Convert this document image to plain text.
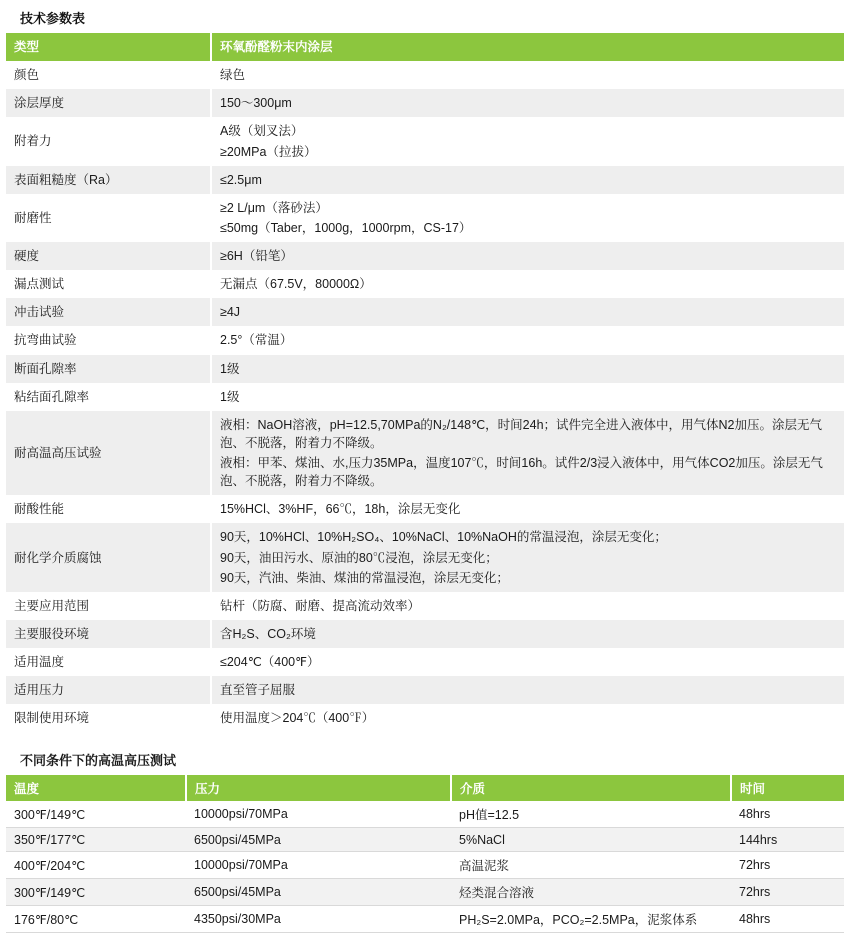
技术参数表
类型	环氧酚醛粉末内涂层

颜色	绿色

涂层厚度	150～300μm

附着力	A级（划叉法）
≥20MPa（拉拔）

表面粗糙度（Ra）	≤2.5μm

耐磨性	≥2 L/μm（落砂法）
≤50mg（Taber，1000g，1000rpm，CS-17）

硬度	≥6H（铅笔）

漏点测试	无漏点（67.5V，80000Ω）

冲击试验	≥4J

抗弯曲试验	2.5°（常温）

断面孔隙率	1级

粘结面孔隙率	1级

耐高温高压试验	液相：NaOH溶液，pH=12.5,70MPa的N₂/148℃，时间24h；试件完全进入液体中，用气体N2加压。涂层无气泡、不脱落，附着力不降级。
液相：甲苯、煤油、水,压力35MPa，温度107℃，时间16h。试件2/3浸入液体中，用气体CO2加压。涂层无气泡、不脱落，附着力不降级。

耐酸性能	15%HCl、3%HF，66℃，18h，涂层无变化

耐化学介质腐蚀	90天，10%HCl、10%H₂SO₄、10%NaCl、10%NaOH的常温浸泡，涂层无变化；
90天，油田污水、原油的80℃浸泡，涂层无变化；
90天，汽油、柴油、煤油的常温浸泡，涂层无变化；

主要应用范围	钻杆（防腐、耐磨、提高流动效率）

主要服役环境	含H₂S、CO₂环境

适用温度	≤204℃（400℉）

适用压力	直至管子屈服

限制使用环境	使用温度＞204℃（400℉）
不同条件下的高温高压测试
温度	压力	介质	时间
300℉/149℃	10000psi/70MPa	pH值=12.5	48hrs
350℉/177℃	6500psi/45MPa	5%NaCl	144hrs
400℉/204℃	10000psi/70MPa	高温泥浆	72hrs
300℉/149℃	6500psi/45MPa	烃类混合溶液	72hrs
176℉/80℃	4350psi/30MPa	PH₂S=2.0MPa，PCO₂=2.5MPa，泥浆体系	48hrs
